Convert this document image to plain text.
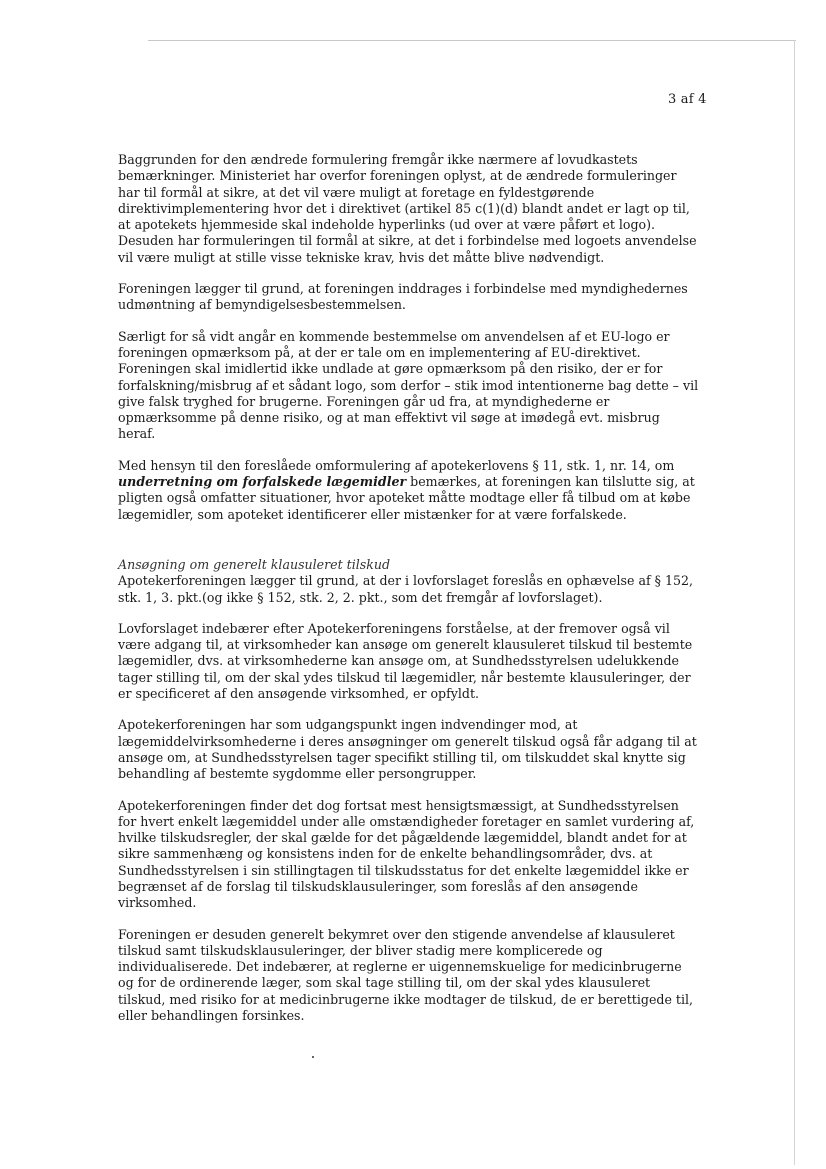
3 af 4

Baggrunden for den ændrede formulering fremgår ikke nærmere af lovudkastets bemærkninger. Ministeriet har overfor foreningen oplyst, at de ændrede formuleringer har til formål at sikre, at det vil være muligt at foretage en fyldestgørende direktivimplementering hvor det i direktivet (artikel 85 c(1)(d) blandt andet er lagt op til, at apotekets hjemmeside skal indeholde hyperlinks (ud over at være påført et logo). Desuden har formuleringen til formål at sikre, at det i forbindelse med logoets anvendelse vil være muligt at stille visse tekniske krav, hvis det måtte blive nødvendigt.

Foreningen lægger til grund, at foreningen inddrages i forbindelse med myndighedernes udmøntning af bemyndigelsesbestemmelsen.

Særligt for så vidt angår en kommende bestemmelse om anvendelsen af et EU-logo er foreningen opmærksom på, at der er tale om en implementering af EU-direktivet. Foreningen skal imidlertid ikke undlade at gøre opmærksom på den risiko, der er for forfalskning/misbrug af et sådant logo, som derfor – stik imod intentionerne bag dette – vil give falsk tryghed for brugerne. Foreningen går ud fra, at myndighederne er opmærksomme på denne risiko, og at man effektivt vil søge at imødegå evt. misbrug heraf.

Med hensyn til den foreslåede omformulering af apotekerlovens § 11, stk. 1, nr. 14, om underretning om forfalskede lægemidler bemærkes, at foreningen kan tilslutte sig, at pligten også omfatter situationer, hvor apoteket måtte modtage eller få tilbud om at købe lægemidler, som apoteket identificerer eller mistænker for at være forfalskede.

Ansøgning om generelt klausuleret tilskud
Apotekerforeningen lægger til grund, at der i lovforslaget foreslås en ophævelse af § 152, stk. 1, 3. pkt.(og ikke § 152, stk. 2, 2. pkt., som det fremgår af lovforslaget).

Lovforslaget indebærer efter Apotekerforeningens forståelse, at der fremover også vil være adgang til, at virksomheder kan ansøge om generelt klausuleret tilskud til bestemte lægemidler, dvs. at virksomhederne kan ansøge om, at Sundhedsstyrelsen udelukkende tager stilling til, om der skal ydes tilskud til lægemidler, når bestemte klausuleringer, der er specificeret af den ansøgende virksomhed, er opfyldt.

Apotekerforeningen har som udgangspunkt ingen indvendinger mod, at lægemiddelvirksomhederne i deres ansøgninger om generelt tilskud også får adgang til at ansøge om, at Sundhedsstyrelsen tager specifikt stilling til, om tilskuddet skal knytte sig behandling af bestemte sygdomme eller persongrupper.

Apotekerforeningen finder det dog fortsat mest hensigtsmæssigt, at Sundhedsstyrelsen for hvert enkelt lægemiddel under alle omstændigheder foretager en samlet vurdering af, hvilke tilskudsregler, der skal gælde for det pågældende lægemiddel, blandt andet for at sikre sammenhæng og konsistens inden for de enkelte behandlingsområder, dvs. at Sundhedsstyrelsen i sin stillingtagen til tilskudsstatus for det enkelte lægemiddel ikke er begrænset af de forslag til tilskudsklausuleringer, som foreslås af den ansøgende virksomhed.

Foreningen er desuden generelt bekymret over den stigende anvendelse af klausuleret tilskud samt tilskudsklausuleringer, der bliver stadig mere komplicerede og individualiserede. Det indebærer, at reglerne er uigennemskuelige for medicinbrugerne og for de ordinerende læger, som skal tage stilling til, om der skal ydes klausuleret tilskud, med risiko for at medicinbrugerne ikke modtager de tilskud, de er berettigede til, eller behandlingen forsinkes.
